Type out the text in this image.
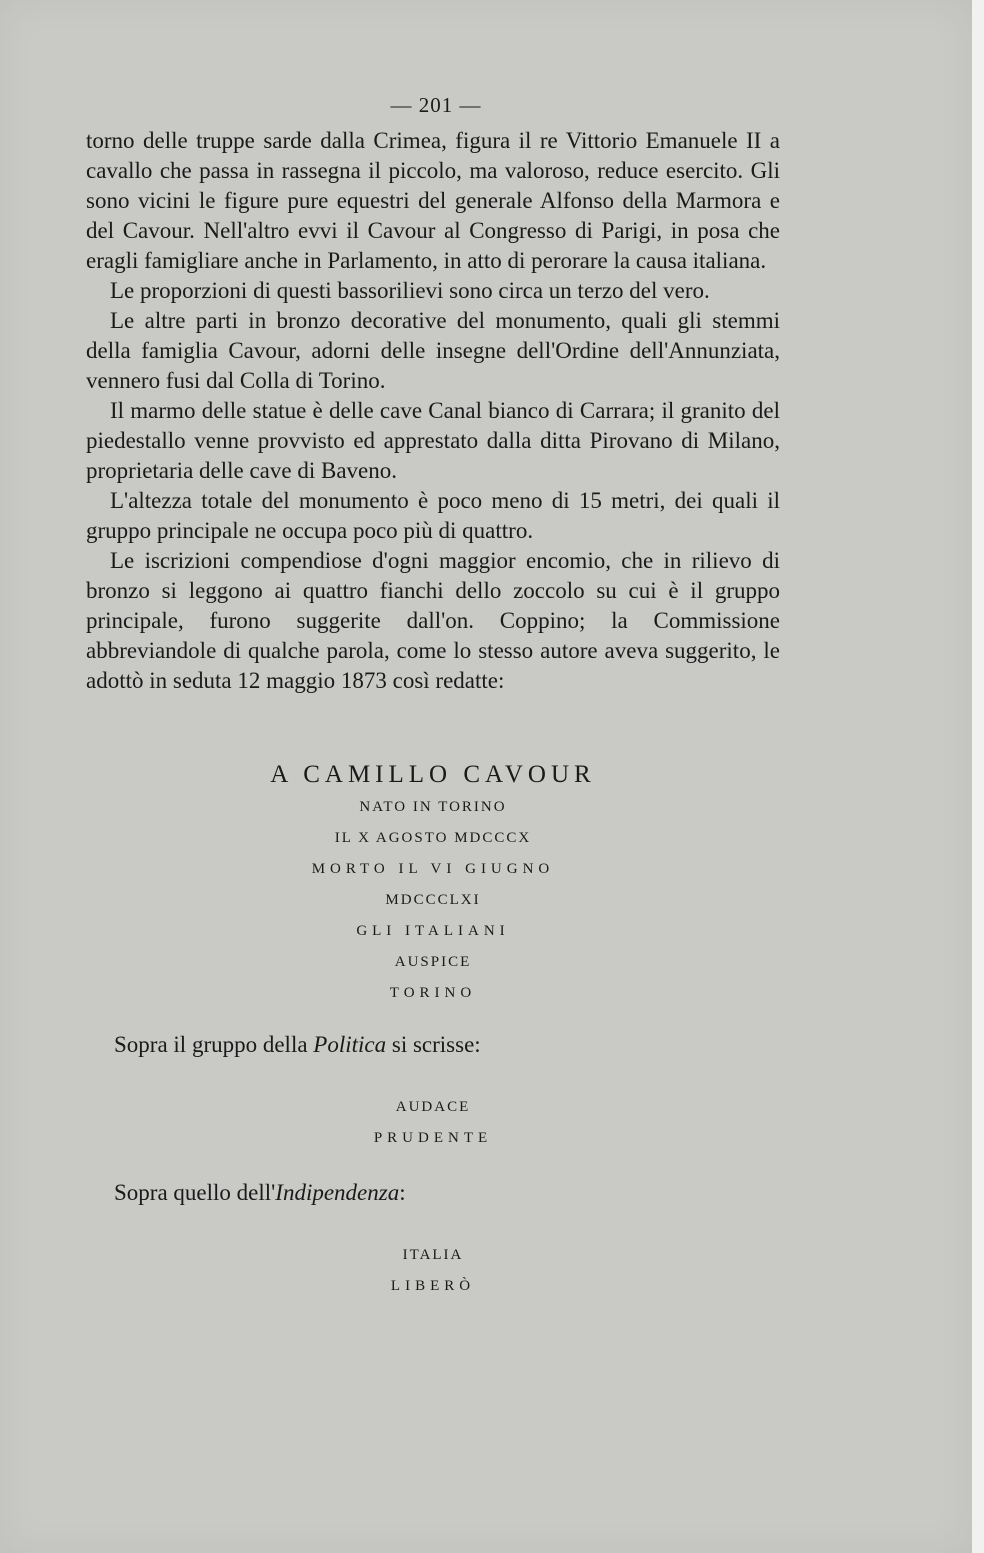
— 201 —

torno delle truppe sarde dalla Crimea, figura il re Vittorio Emanuele II a cavallo che passa in rassegna il piccolo, ma valoroso, reduce esercito. Gli sono vicini le figure pure equestri del generale Alfonso della Marmora e del Cavour. Nell'altro evvi il Cavour al Congresso di Parigi, in posa che eragli famigliare anche in Parlamento, in atto di perorare la causa italiana.

Le proporzioni di questi bassorilievi sono circa un terzo del vero.

Le altre parti in bronzo decorative del monumento, quali gli stemmi della famiglia Cavour, adorni delle insegne dell'Ordine dell'Annunziata, vennero fusi dal Colla di Torino.

Il marmo delle statue è delle cave Canal bianco di Carrara; il granito del piedestallo venne provvisto ed apprestato dalla ditta Pirovano di Milano, proprietaria delle cave di Baveno.

L'altezza totale del monumento è poco meno di 15 metri, dei quali il gruppo principale ne occupa poco più di quattro.

Le iscrizioni compendiose d'ogni maggior encomio, che in rilievo di bronzo si leggono ai quattro fianchi dello zoccolo su cui è il gruppo principale, furono suggerite dall'on. Coppino; la Commissione abbreviandole di qualche parola, come lo stesso autore aveva suggerito, le adottò in seduta 12 maggio 1873 così redatte:

A CAMILLO CAVOUR
NATO IN TORINO
IL X AGOSTO MDCCCX
MORTO IL VI GIUGNO
MDCCCLXI
GLI ITALIANI
AUSPICE
TORINO
Sopra il gruppo della Politica si scrisse:
AUDACE
PRUDENTE
Sopra quello dell'Indipendenza:
ITALIA
LIBERÒ
